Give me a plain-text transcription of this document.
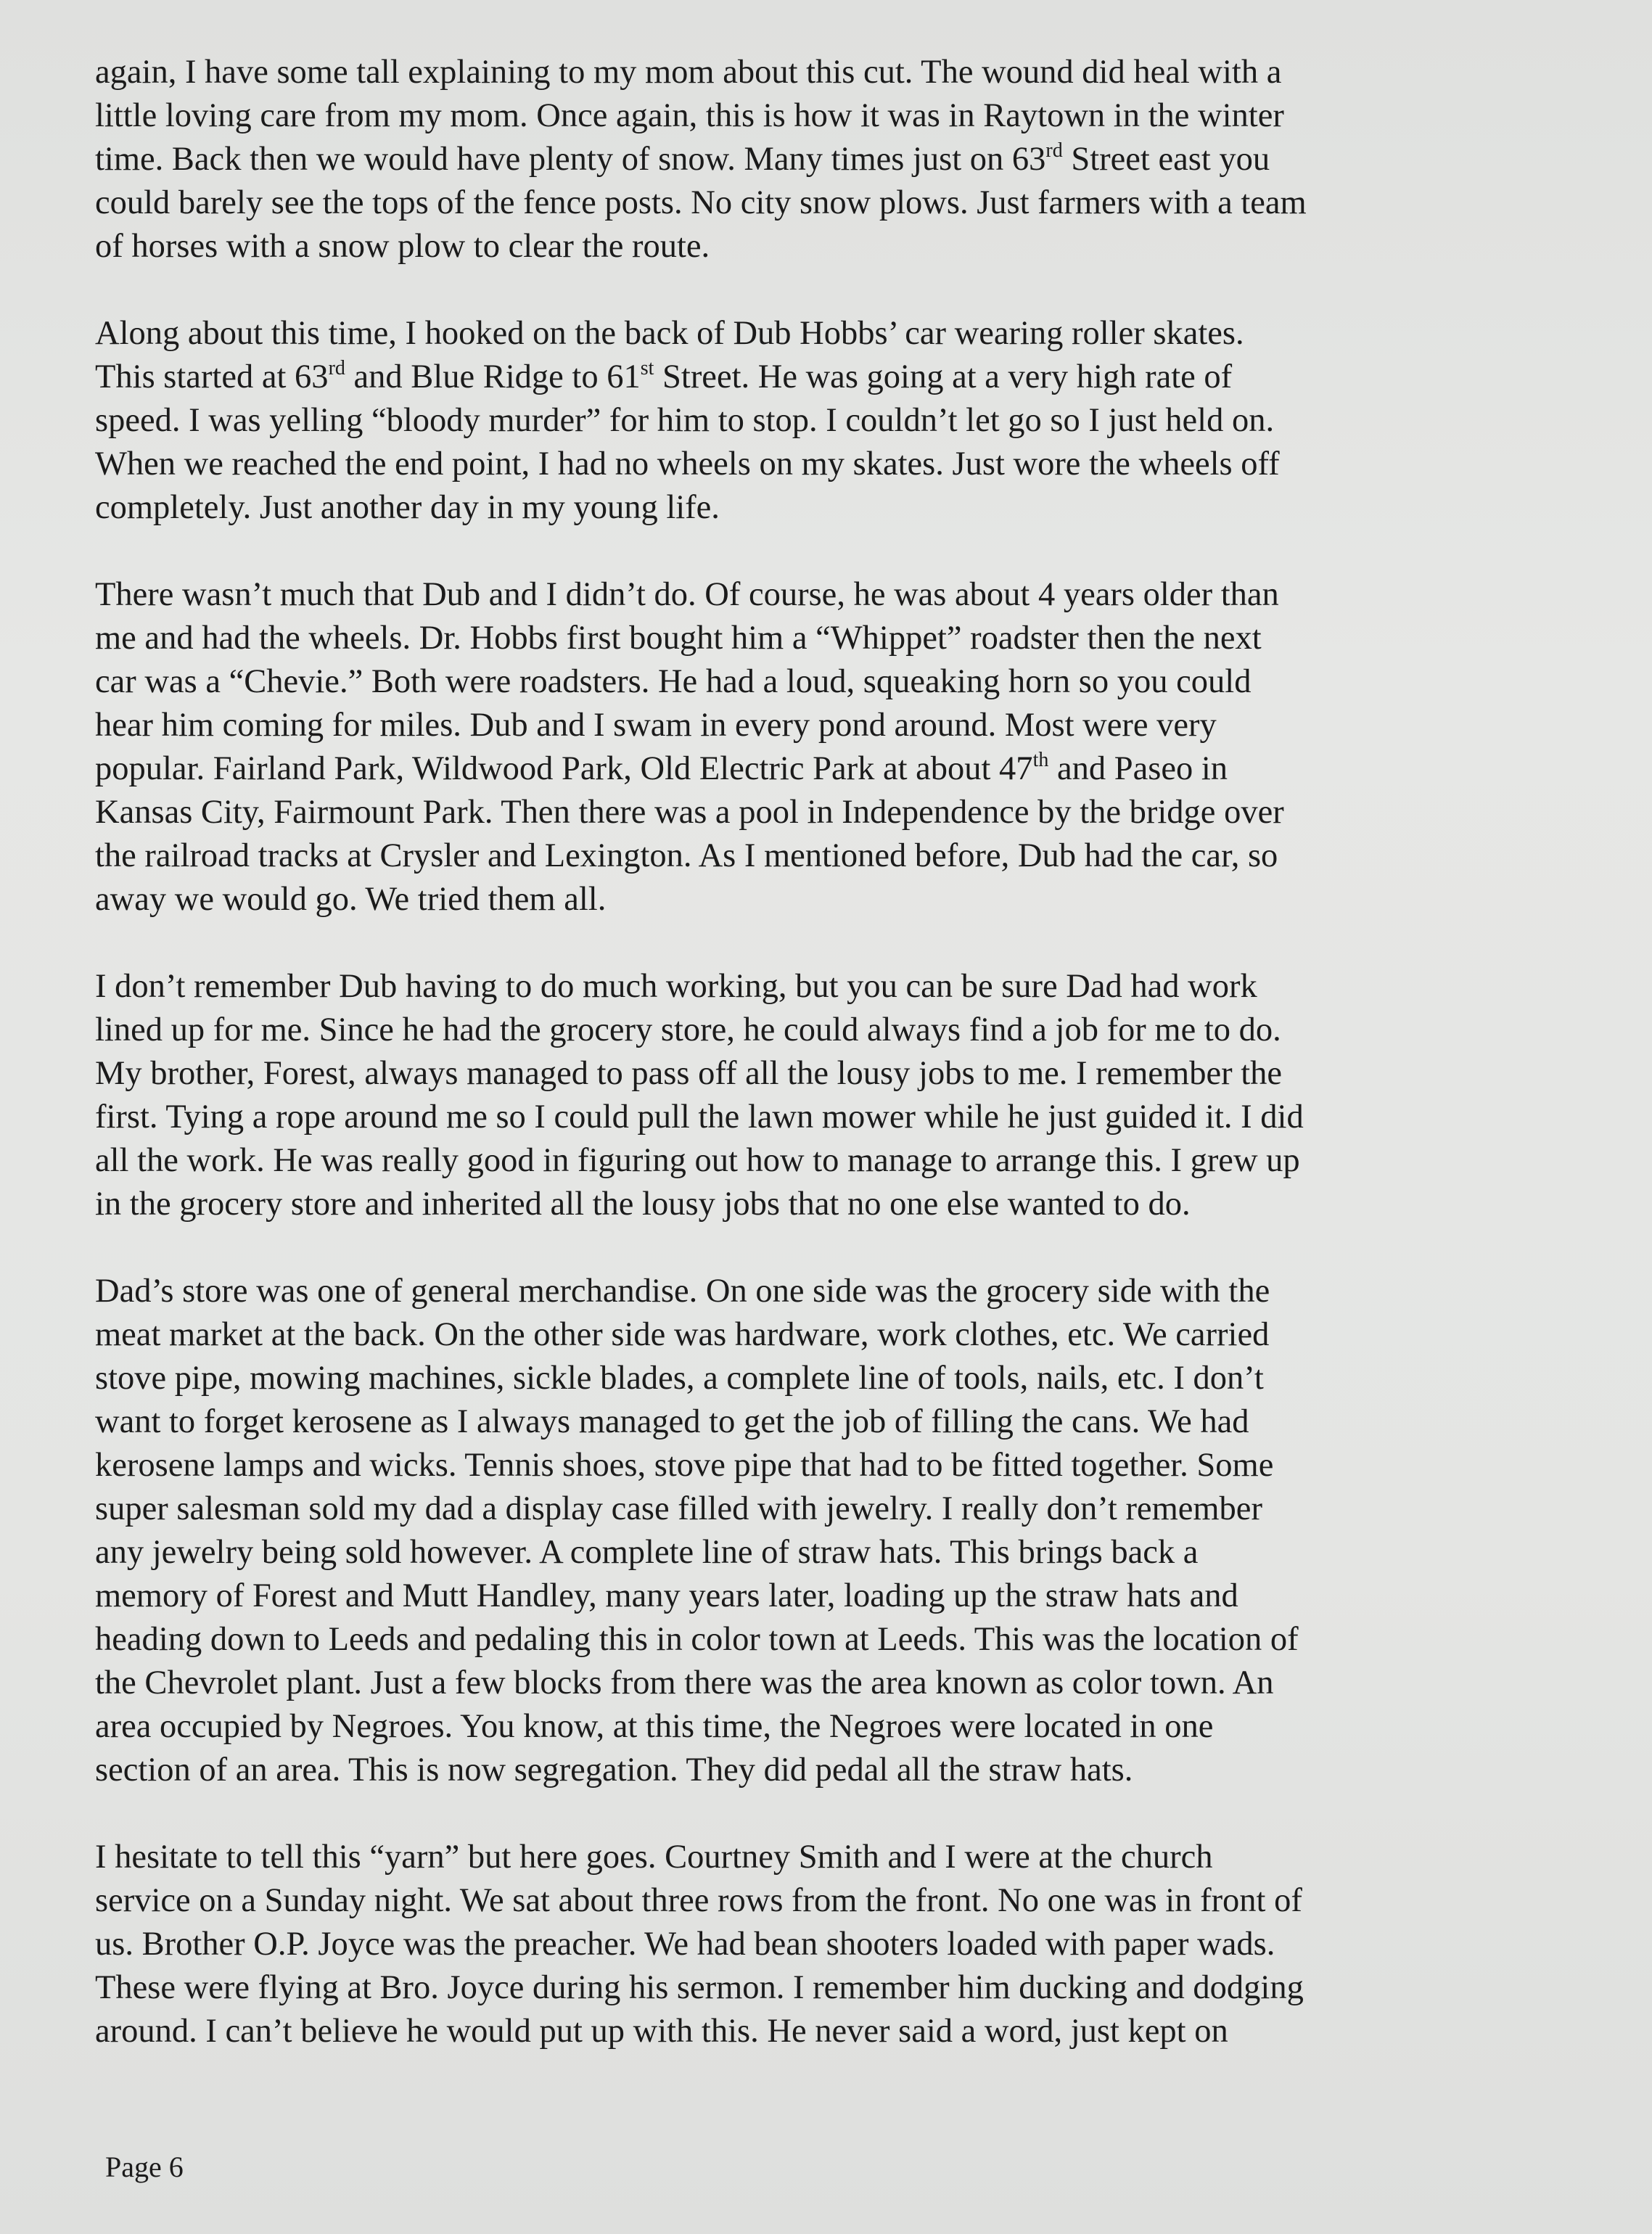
again, I have some tall explaining to my mom about this cut. The wound did heal with a
little loving care from my mom. Once again, this is how it was in Raytown in the winter
time. Back then we would have plenty of snow. Many times just on 63rd Street east you
could barely see the tops of the fence posts. No city snow plows. Just farmers with a team
of horses with a snow plow to clear the route.
Along about this time, I hooked on the back of Dub Hobbs’ car wearing roller skates.
This started at 63rd and Blue Ridge to 61st Street. He was going at a very high rate of
speed. I was yelling “bloody murder” for him to stop. I couldn’t let go so I just held on.
When we reached the end point, I had no wheels on my skates. Just wore the wheels off
completely. Just another day in my young life.
There wasn’t much that Dub and I didn’t do. Of course, he was about 4 years older than
me and had the wheels. Dr. Hobbs first bought him a “Whippet” roadster then the next
car was a “Chevie.” Both were roadsters. He had a loud, squeaking horn so you could
hear him coming for miles. Dub and I swam in every pond around. Most were very
popular. Fairland Park, Wildwood Park, Old Electric Park at about 47th and Paseo in
Kansas City, Fairmount Park. Then there was a pool in Independence by the bridge over
the railroad tracks at Crysler and Lexington. As I mentioned before, Dub had the car, so
away we would go. We tried them all.
I don’t remember Dub having to do much working, but you can be sure Dad had work
lined up for me. Since he had the grocery store, he could always find a job for me to do.
My brother, Forest, always managed to pass off all the lousy jobs to me. I remember the
first. Tying a rope around me so I could pull the lawn mower while he just guided it. I did
all the work. He was really good in figuring out how to manage to arrange this. I grew up
in the grocery store and inherited all the lousy jobs that no one else wanted to do.
Dad’s store was one of general merchandise. On one side was the grocery side with the
meat market at the back. On the other side was hardware, work clothes, etc. We carried
stove pipe, mowing machines, sickle blades, a complete line of tools, nails, etc. I don’t
want to forget kerosene as I always managed to get the job of filling the cans. We had
kerosene lamps and wicks. Tennis shoes, stove pipe that had to be fitted together. Some
super salesman sold my dad a display case filled with jewelry. I really don’t remember
any jewelry being sold however. A complete line of straw hats. This brings back a
memory of Forest and Mutt Handley, many years later, loading up the straw hats and
heading down to Leeds and pedaling this in color town at Leeds. This was the location of
the Chevrolet plant. Just a few blocks from there was the area known as color town. An
area occupied by Negroes. You know, at this time, the Negroes were located in one
section of an area. This is now segregation. They did pedal all the straw hats.
I hesitate to tell this “yarn” but here goes. Courtney Smith and I were at the church
service on a Sunday night. We sat about three rows from the front. No one was in front of
us. Brother O.P. Joyce was the preacher. We had bean shooters loaded with paper wads.
These were flying at Bro. Joyce during his sermon. I remember him ducking and dodging
around. I can’t believe he would put up with this. He never said a word, just kept on
Page 6
